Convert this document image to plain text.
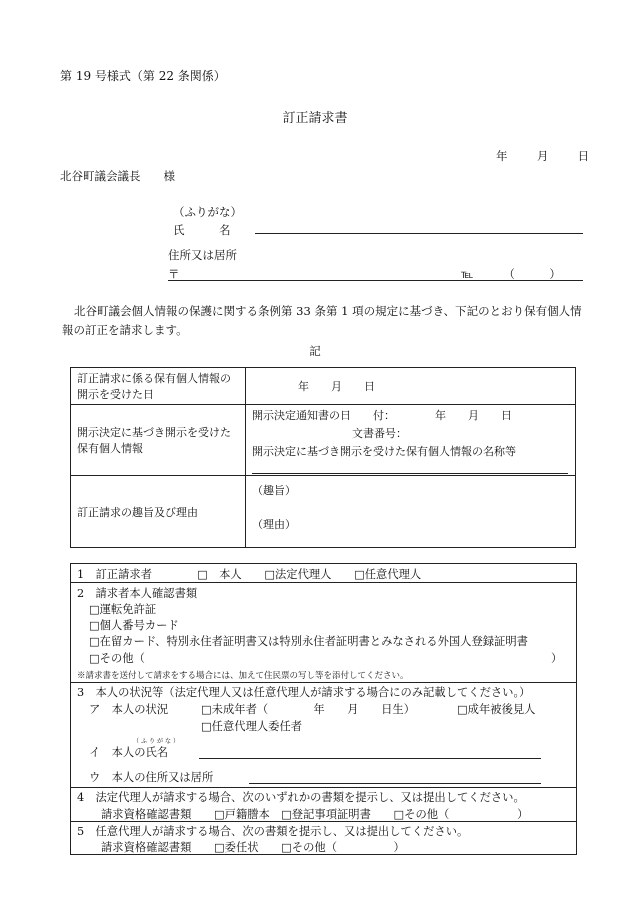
第 19 号様式（第 22 条関係）
訂正請求書
年	月	日
北谷町議会議長　　様
（ふりがな）
氏　　　名
住所又は居所
〒	℡	（　　　）
北谷町議会個人情報の保護に関する条例第 33 条第 1 項の規定に基づき、下記のとおり保有個人情報の訂正を請求します。
記
訂正請求に係る保有個人情報の開示を受けた日	年　　月　　日
開示決定に基づき開示を受けた保有個人情報	開示決定通知書の日　　付： 年　　月　　日
文書番号：
開示決定に基づき開示を受けた保有個人情報の名称等

訂正請求の趣旨及び理由	（趣旨）
（理由）
1　訂正請求者　　　　□　本人　　□法定代理人　　□任意代理人
2　請求者本人確認書類
□運転免許証
□個人番号カード
□在留カード、特別永住者証明書又は特別永住者証明書とみなされる外国人登録証明書
□その他（	）
※請求書を送付して請求をする場合には、加えて住民票の写し等を添付してください。
3　本人の状況等（法定代理人又は任意代理人が請求する場合にのみ記載してください。）
ア　本人の状況	□未成年者（　　　　年　　月　　日生）	□成年被後見人
□任意代理人委任者
（ふりがな）
イ　本人の氏名
ウ　本人の住所又は居所
4　法定代理人が請求する場合、次のいずれかの書類を提示し、又は提出してください。
請求資格確認書類　　□戸籍謄本　□登記事項証明書　　□その他（　　　　　　）
5　任意代理人が請求する場合、次の書類を提示し、又は提出してください。
請求資格確認書類　　□委任状　　□その他（　　　　　）
